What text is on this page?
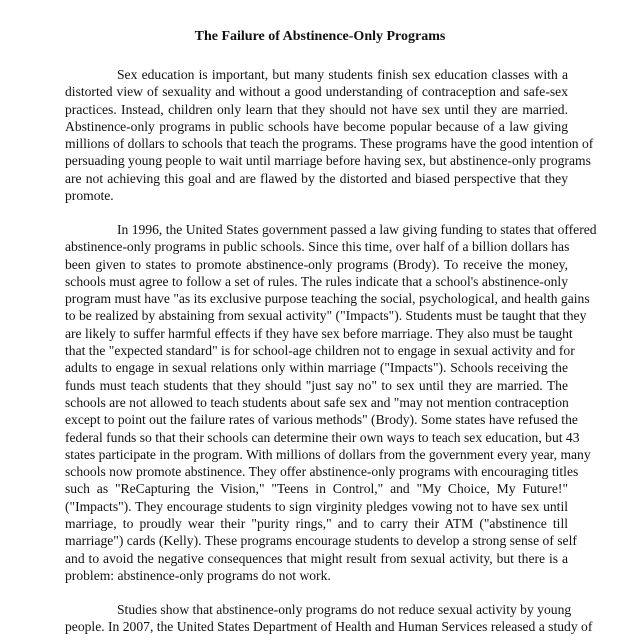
The Failure of Abstinence-Only Programs
Sex education is important, but many students finish sex education classes with a
distorted view of sexuality and without a good understanding of contraception and safe-sex
practices. Instead, children only learn that they should not have sex until they are married.
Abstinence-only programs in public schools have become popular because of a law giving
millions of dollars to schools that teach the programs. These programs have the good intention of
persuading young people to wait until marriage before having sex, but abstinence-only programs
are not achieving this goal and are flawed by the distorted and biased perspective that they
promote.
In 1996, the United States government passed a law giving funding to states that offered
abstinence-only programs in public schools. Since this time, over half of a billion dollars has
been given to states to promote abstinence-only programs (Brody). To receive the money,
schools must agree to follow a set of rules. The rules indicate that a school's abstinence-only
program must have "as its exclusive purpose teaching the social, psychological, and health gains
to be realized by abstaining from sexual activity" ("Impacts"). Students must be taught that they
are likely to suffer harmful effects if they have sex before marriage. They also must be taught
that the "expected standard" is for school-age children not to engage in sexual activity and for
adults to engage in sexual relations only within marriage ("Impacts"). Schools receiving the
funds must teach students that they should "just say no" to sex until they are married. The
schools are not allowed to teach students about safe sex and "may not mention contraception
except to point out the failure rates of various methods" (Brody). Some states have refused the
federal funds so that their schools can determine their own ways to teach sex education, but 43
states participate in the program. With millions of dollars from the government every year, many
schools now promote abstinence. They offer abstinence-only programs with encouraging titles
such as "ReCapturing the Vision," "Teens in Control," and "My Choice, My Future!"
("Impacts"). They encourage students to sign virginity pledges vowing not to have sex until
marriage, to proudly wear their "purity rings," and to carry their ATM ("abstinence till
marriage") cards (Kelly). These programs encourage students to develop a strong sense of self
and to avoid the negative consequences that might result from sexual activity, but there is a
problem: abstinence-only programs do not work.
Studies show that abstinence-only programs do not reduce sexual activity by young
people. In 2007, the United States Department of Health and Human Services released a study of
